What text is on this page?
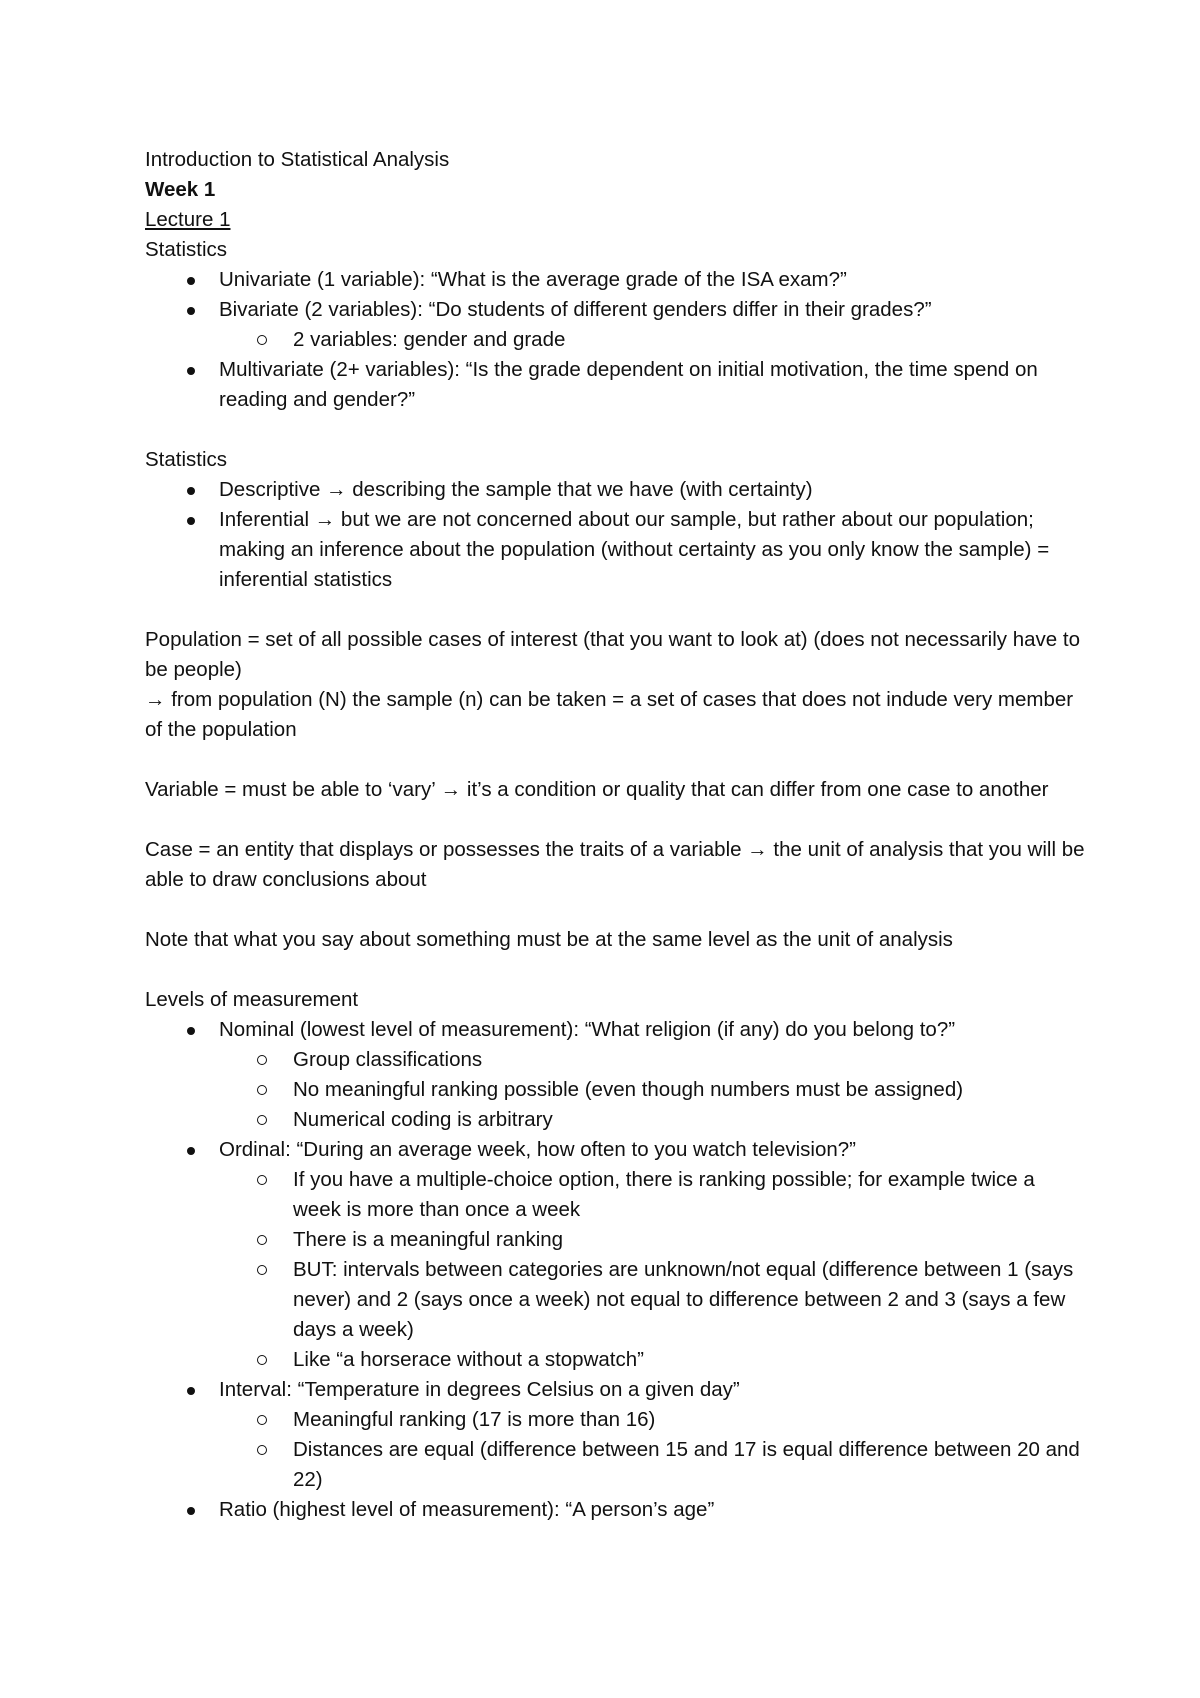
Introduction to Statistical Analysis

Week 1

Lecture 1

Statistics

Univariate (1 variable): “What is the average grade of the ISA exam?”
Bivariate (2 variables): “Do students of different genders differ in their grades?”
2 variables: gender and grade
Multivariate (2+ variables): “Is the grade dependent on initial motivation, the time spend on reading and gender?”

Statistics

Descriptive → describing the sample that we have (with certainty)
Inferential → but we are not concerned about our sample, but rather about our population; making an inference about the population (without certainty as you only know the sample) = inferential statistics

Population = set of all possible cases of interest (that you want to look at) (does not necessarily have to be people)

→ from population (N) the sample (n) can be taken = a set of cases that does not indude very member of the population

Variable = must be able to ‘vary’ → it’s a condition or quality that can differ from one case to another

Case = an entity that displays or possesses the traits of a variable → the unit of analysis that you will be able to draw conclusions about

Note that what you say about something must be at the same level as the unit of analysis

Levels of measurement

Nominal (lowest level of measurement): “What religion (if any) do you belong to?”
Group classifications
No meaningful ranking possible (even though numbers must be assigned)
Numerical coding is arbitrary
Ordinal: “During an average week, how often to you watch television?”
If you have a multiple-choice option, there is ranking possible; for example twice a week is more than once a week
There is a meaningful ranking
BUT: intervals between categories are unknown/not equal (difference between 1 (says never) and 2 (says once a week) not equal to difference between 2 and 3 (says a few days a week)
Like “a horserace without a stopwatch”
Interval: “Temperature in degrees Celsius on a given day”
Meaningful ranking (17 is more than 16)
Distances are equal (difference between 15 and 17 is equal difference between 20 and 22)
Ratio (highest level of measurement): “A person’s age”
